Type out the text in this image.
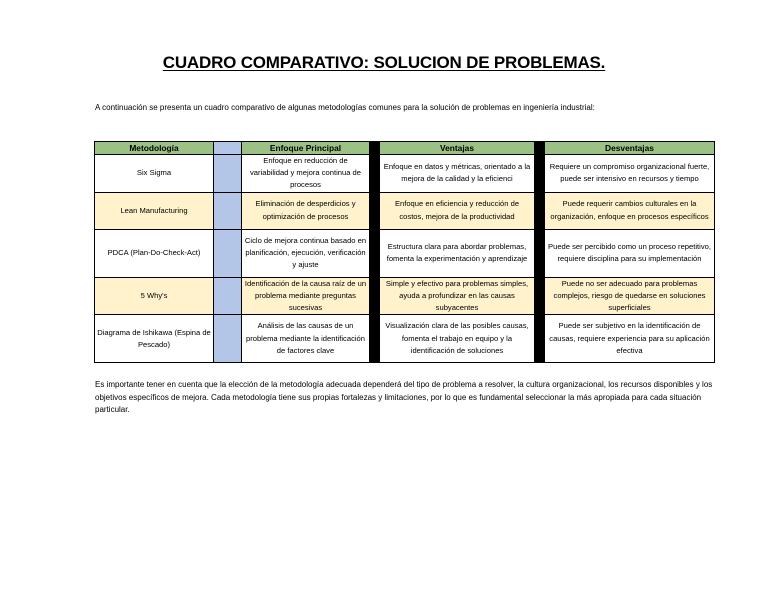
CUADRO COMPARATIVO: SOLUCION DE PROBLEMAS.
A continuación se presenta un cuadro comparativo de algunas metodologías comunes para la solución de problemas en ingeniería industrial:
Metodología		Enfoque Principal		Ventajas		Desventajas
Six Sigma		Enfoque en reducción de variabilidad y mejora continua de procesos		Enfoque en datos y métricas, orientado a la mejora de la calidad y la eficienci		Requiere un compromiso organizacional fuerte, puede ser intensivo en recursos y tiempo
Lean Manufacturing		Eliminación de desperdicios y optimización de procesos		Enfoque en eficiencia y reducción de costos, mejora de la productividad		Puede requerir cambios culturales en la organización, enfoque en procesos específicos
PDCA (Plan-Do-Check-Act)		Ciclo de mejora continua basado en planificación, ejecución, verificación y ajuste		Estructura clara para abordar problemas, fomenta la experimentación y aprendizaje		Puede ser percibido como un proceso repetitivo, requiere disciplina para su implementación
5 Why's		Identificación de la causa raíz de un problema mediante preguntas sucesivas		Simple y efectivo para problemas simples, ayuda a profundizar en las causas subyacentes		Puede no ser adecuado para problemas complejos, riesgo de quedarse en soluciones superficiales
Diagrama de Ishikawa (Espina de Pescado)		Análisis de las causas de un problema mediante la identificación de factores clave		Visualización clara de las posibles causas, fomenta el trabajo en equipo y la identificación de soluciones		Puede ser subjetivo en la identificación de causas, requiere experiencia para su aplicación efectiva
Es importante tener en cuenta que la elección de la metodología adecuada dependerá del tipo de problema a resolver, la cultura organizacional, los recursos disponibles y los objetivos específicos de mejora. Cada metodología tiene sus propias fortalezas y limitaciones, por lo que es fundamental seleccionar la más apropiada para cada situación particular.
